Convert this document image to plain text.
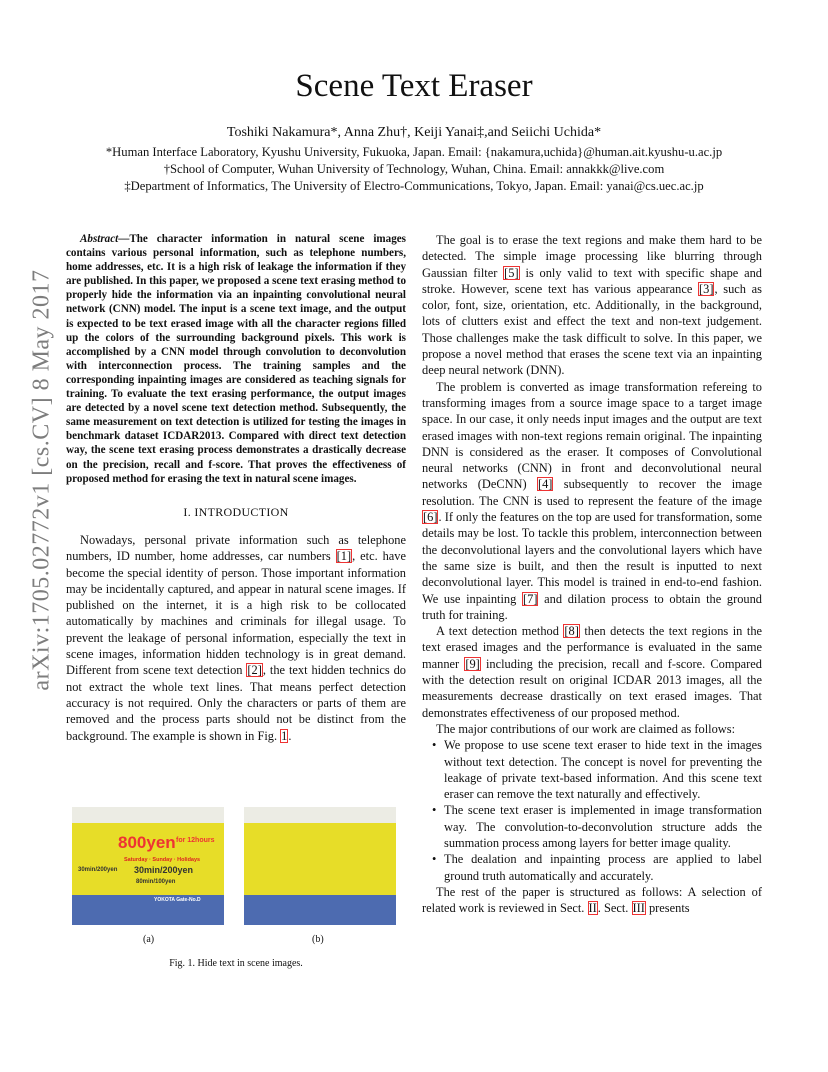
Scene Text Eraser
Toshiki Nakamura*, Anna Zhu†, Keiji Yanai‡,and Seiichi Uchida*
*Human Interface Laboratory, Kyushu University, Fukuoka, Japan. Email: {nakamura,uchida}@human.ait.kyushu-u.ac.jp
†School of Computer, Wuhan University of Technology, Wuhan, China. Email: annakkk@live.com
‡Department of Informatics, The University of Electro-Communications, Tokyo, Japan. Email: yanai@cs.uec.ac.jp
arXiv:1705.02772v1 [cs.CV] 8 May 2017
Abstract—The character information in natural scene images contains various personal information, such as telephone numbers, home addresses, etc. It is a high risk of leakage the information if they are published. In this paper, we proposed a scene text erasing method to properly hide the information via an inpainting convolutional neural network (CNN) model. The input is a scene text image, and the output is expected to be text erased image with all the character regions filled up the colors of the surrounding background pixels. This work is accomplished by a CNN model through convolution to deconvolution with interconnection process. The training samples and the corresponding inpainting images are considered as teaching signals for training. To evaluate the text erasing performance, the output images are detected by a novel scene text detection method. Subsequently, the same measurement on text detection is utilized for testing the images in benchmark dataset ICDAR2013. Compared with direct text detection way, the scene text erasing process demonstrates a drastically decrease on the precision, recall and f-score. That proves the effectiveness of proposed method for erasing the text in natural scene images.
I. INTRODUCTION

Nowadays, personal private information such as telephone numbers, ID number, home addresses, car numbers [1], etc. have become the special identity of person. Those important information may be incidentally captured, and appear in natural scene images. If published on the internet, it is a high risk to be collocated automatically by machines and criminals for illegal usage. To prevent the leakage of personal information, especially the text in scene images, information hidden technology is in great demand. Different from scene text detection [2], the text hidden technics do not extract the whole text lines. That means perfect detection accuracy is not required. Only the characters or parts of them are removed and the process parts should not be distinct from the background. The example is shown in Fig. 1.

800yen for 12hours
Saturday · Sunday · Holidays
30min/200yen 30min/200yen
80min/100yen
YOKOTA Gate-No.D
(a)	(b)
Fig. 1. Hide text in scene images.

The goal is to erase the text regions and make them hard to be detected. The simple image processing like blurring through Gaussian filter [5] is only valid to text with specific shape and stroke. However, scene text has various appearance [3], such as color, font, size, orientation, etc. Additionally, in the background, lots of clutters exist and effect the text and non-text judgement. Those challenges make the task difficult to solve. In this paper, we propose a novel method that erases the scene text via an inpainting deep neural network (DNN).

The problem is converted as image transformation refereing to transforming images from a source image space to a target image space. In our case, it only needs input images and the output are text erased images with non-text regions remain original. The inpainting DNN is considered as the eraser. It composes of Convolutional neural networks (CNN) in front and deconvolutional neural networks (DeCNN) [4] subsequently to recover the image resolution. The CNN is used to represent the feature of the image [6]. If only the features on the top are used for transformation, some details may be lost. To tackle this problem, interconnection between the deconvolutional layers and the convolutional layers which have the same size is built, and then the result is inputted to next deconvolutional layer. This model is trained in end-to-end fashion. We use inpainting [7] and dilation process to obtain the ground truth for training.

A text detection method [8] then detects the text regions in the text erased images and the performance is evaluated in the same manner [9] including the precision, recall and f-score. Compared with the detection result on original ICDAR 2013 images, all the measurements decrease drastically on text erased images. That demonstrates effectiveness of our proposed method.

The major contributions of our work are claimed as follows:

• We propose to use scene text eraser to hide text in the images without text detection. The concept is novel for preventing the leakage of private text-based information. And this scene text eraser can remove the text naturally and effectively.
• The scene text eraser is implemented in image transformation way. The convolution-to-deconvolution structure adds the summation process among layers for better image quality.
• The dealation and inpainting process are applied to label ground truth automatically and accurately.

The rest of the paper is structured as follows: A selection of related work is reviewed in Sect. II. Sect. III presents
